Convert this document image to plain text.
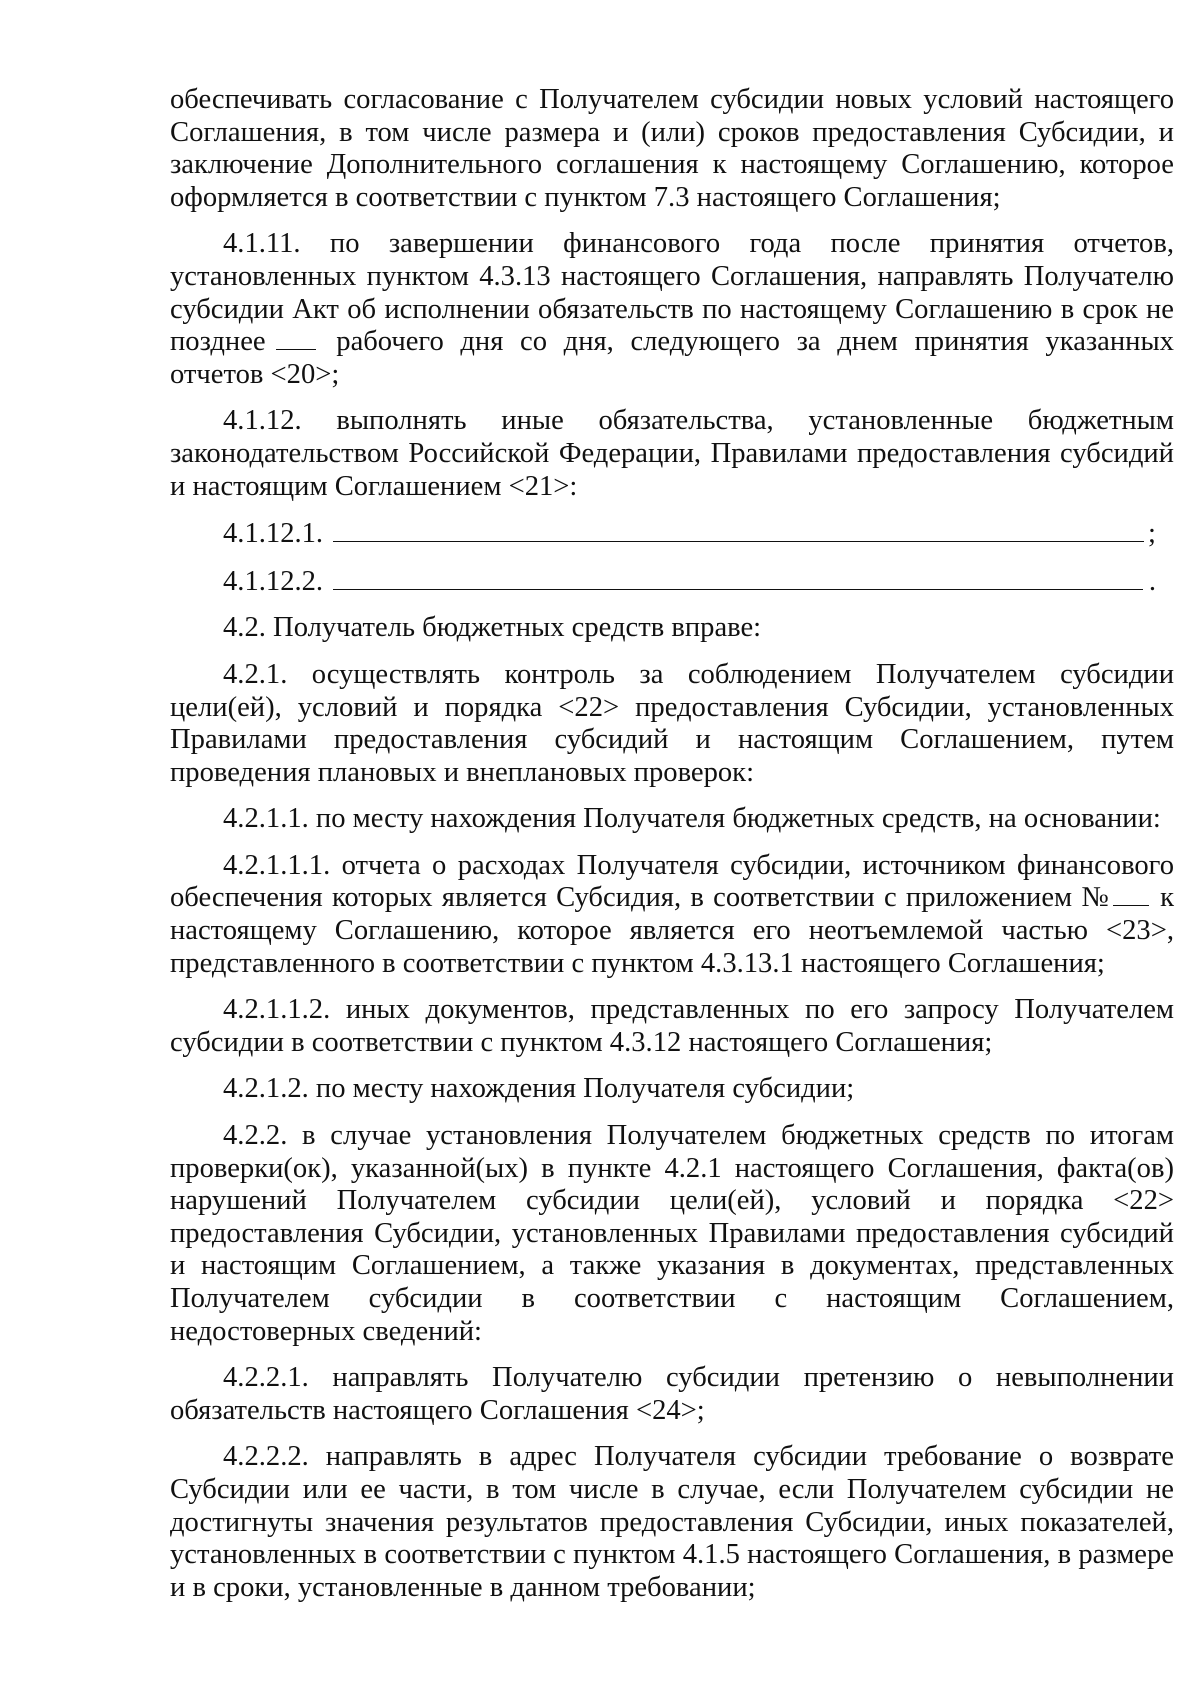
обеспечивать согласование с Получателем субсидии новых условий настоящего Соглашения, в том числе размера и (или) сроков предоставления Субсидии, и заключение Дополнительного соглашения к настоящему Соглашению, которое оформляется в соответствии с пунктом 7.3 настоящего Соглашения;

4.1.11. по завершении финансового года после принятия отчетов, установленных пунктом 4.3.13 настоящего Соглашения, направлять Получателю субсидии Акт об исполнении обязательств по настоящему Соглашению в срок не позднее рабочего дня со дня, следующего за днем принятия указанных отчетов <20>;

4.1.12. выполнять иные обязательства, установленные бюджетным законодательством Российской Федерации, Правилами предоставления субсидий и настоящим Соглашением <21>:

4.1.12.1.	;
4.1.12.2.	.

4.2. Получатель бюджетных средств вправе:

4.2.1. осуществлять контроль за соблюдением Получателем субсидии цели(ей), условий и порядка <22> предоставления Субсидии, установленных Правилами предоставления субсидий и настоящим Соглашением, путем проведения плановых и внеплановых проверок:

4.2.1.1. по месту нахождения Получателя бюджетных средств, на основании:

4.2.1.1.1. отчета о расходах Получателя субсидии, источником финансового обеспечения которых является Субсидия, в соответствии с приложением № к настоящему Соглашению, которое является его неотъемлемой частью <23>, представленного в соответствии с пунктом 4.3.13.1 настоящего Соглашения;

4.2.1.1.2. иных документов, представленных по его запросу Получателем субсидии в соответствии с пунктом 4.3.12 настоящего Соглашения;

4.2.1.2. по месту нахождения Получателя субсидии;

4.2.2. в случае установления Получателем бюджетных средств по итогам проверки(ок), указанной(ых) в пункте 4.2.1 настоящего Соглашения, факта(ов) нарушений Получателем субсидии цели(ей), условий и порядка <22> предоставления Субсидии, установленных Правилами предоставления субсидий и настоящим Соглашением, а также указания в документах, представленных Получателем субсидии в соответствии с настоящим Соглашением, недостоверных сведений:

4.2.2.1. направлять Получателю субсидии претензию о невыполнении обязательств настоящего Соглашения <24>;

4.2.2.2. направлять в адрес Получателя субсидии требование о возврате Субсидии или ее части, в том числе в случае, если Получателем субсидии не достигнуты значения результатов предоставления Субсидии, иных показателей, установленных в соответствии с пунктом 4.1.5 настоящего Соглашения, в размере и в сроки, установленные в данном требовании;
